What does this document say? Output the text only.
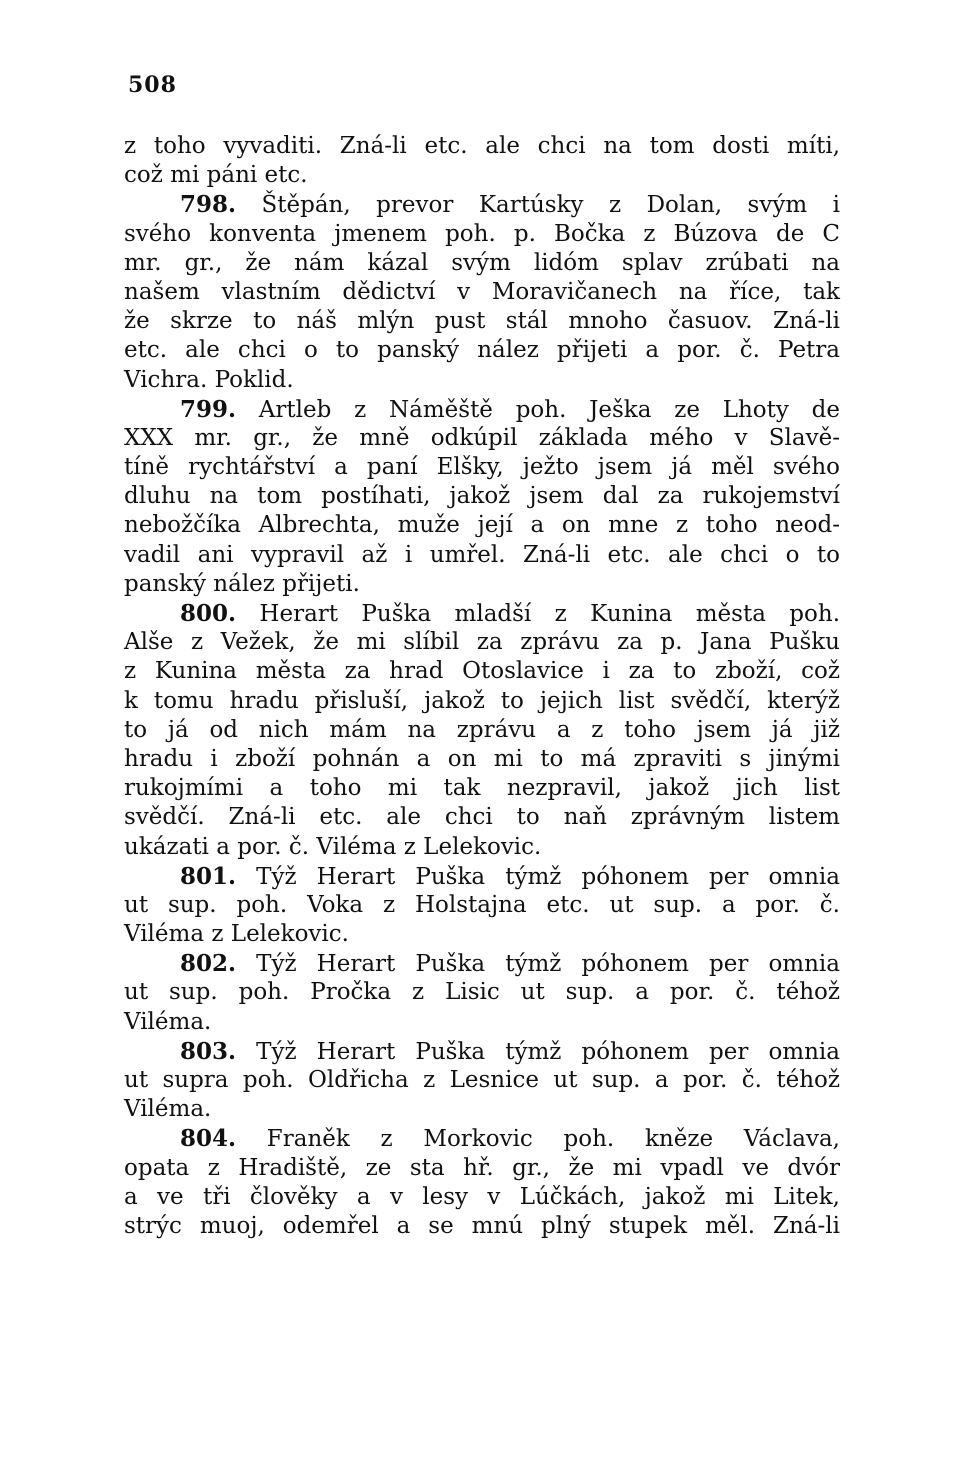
508
z toho vyvaditi. Zná-li etc. ale chci na tom dosti míti,
což mi páni etc.
798. Štěpán, prevor Kartúsky z Dolan, svým i
svého konventa jmenem poh. p. Bočka z Búzova de C
mr. gr., že nám kázal svým lidóm splav zrúbati na
našem vlastním dědictví v Moravičanech na říce, tak
že skrze to náš mlýn pust stál mnoho časuov. Zná-li
etc. ale chci o to panský nález přijeti a por. č. Petra
Vichra. Poklid.
799. Artleb z Náměště poh. Ješka ze Lhoty de
XXX mr. gr., že mně odkúpil základa mého v Slavě-
tíně rychtářství a paní Elšky, ježto jsem já měl svého
dluhu na tom postíhati, jakož jsem dal za rukojemství
nebožčíka Albrechta, muže její a on mne z toho neod-
vadil ani vypravil až i umřel. Zná-li etc. ale chci o to
panský nález přijeti.
800. Herart Puška mladší z Kunina města poh.
Alše z Vežek, že mi slíbil za zprávu za p. Jana Pušku
z Kunina města za hrad Otoslavice i za to zboží, což
k tomu hradu přisluší, jakož to jejich list svědčí, kterýž
to já od nich mám na zprávu a z toho jsem já již
hradu i zboží pohnán a on mi to má zpraviti s jinými
rukojmími a toho mi tak nezpravil, jakož jich list
svědčí. Zná-li etc. ale chci to naň zprávným listem
ukázati a por. č. Viléma z Lelekovic.
801. Týž Herart Puška týmž póhonem per omnia
ut sup. poh. Voka z Holstajna etc. ut sup. a por. č.
Viléma z Lelekovic.
802. Týž Herart Puška týmž póhonem per omnia
ut sup. poh. Pročka z Lisic ut sup. a por. č. téhož
Viléma.
803. Týž Herart Puška týmž póhonem per omnia
ut supra poh. Oldřicha z Lesnice ut sup. a por. č. téhož
Viléma.
804. Franěk z Morkovic poh. kněze Václava,
opata z Hradiště, ze sta hř. gr., že mi vpadl ve dvór
a ve tři člověky a v lesy v Lúčkách, jakož mi Litek,
strýc muoj, odemřel a se mnú plný stupek měl. Zná-li
